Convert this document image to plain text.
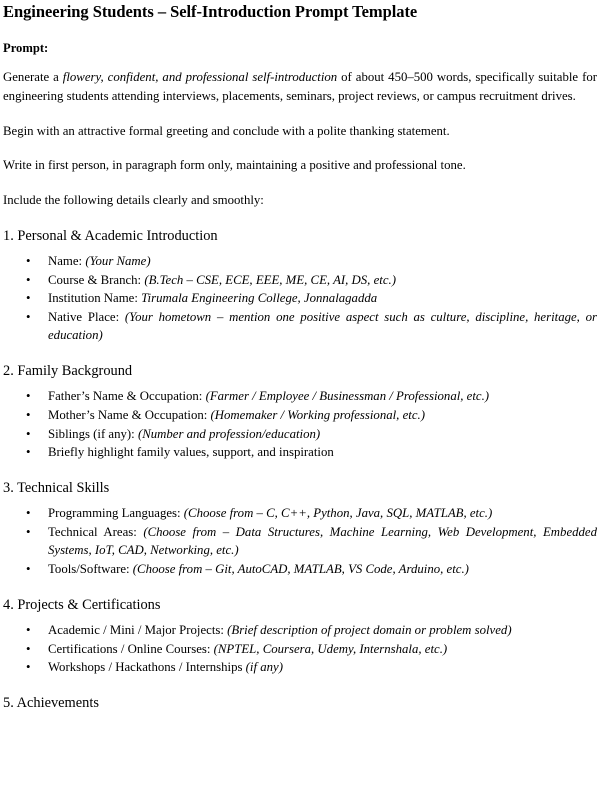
Engineering Students – Self-Introduction Prompt Template
Prompt:

Generate a flowery, confident, and professional self-introduction of about 450–500 words, specifically suitable for engineering students attending interviews, placements, seminars, project reviews, or campus recruitment drives.

Begin with an attractive formal greeting and conclude with a polite thanking statement.

Write in first person, in paragraph form only, maintaining a positive and professional tone.

Include the following details clearly and smoothly:

1. Personal & Academic Introduction
•	Name: (Your Name)
•	Course & Branch: (B.Tech – CSE, ECE, EEE, ME, CE, AI, DS, etc.)
•	Institution Name: Tirumala Engineering College, Jonnalagadda
•	Native Place: (Your hometown – mention one positive aspect such as culture, discipline, heritage, or education)
2. Family Background
•	Father’s Name & Occupation: (Farmer / Employee / Businessman / Professional, etc.)
•	Mother’s Name & Occupation: (Homemaker / Working professional, etc.)
•	Siblings (if any): (Number and profession/education)
•	Briefly highlight family values, support, and inspiration
3. Technical Skills
•	Programming Languages: (Choose from – C, C++, Python, Java, SQL, MATLAB, etc.)
•	Technical Areas: (Choose from – Data Structures, Machine Learning, Web Development, Embedded Systems, IoT, CAD, Networking, etc.)
•	Tools/Software: (Choose from – Git, AutoCAD, MATLAB, VS Code, Arduino, etc.)
4. Projects & Certifications
•	Academic / Mini / Major Projects: (Brief description of project domain or problem solved)
•	Certifications / Online Courses: (NPTEL, Coursera, Udemy, Internshala, etc.)
•	Workshops / Hackathons / Internships (if any)
5. Achievements
